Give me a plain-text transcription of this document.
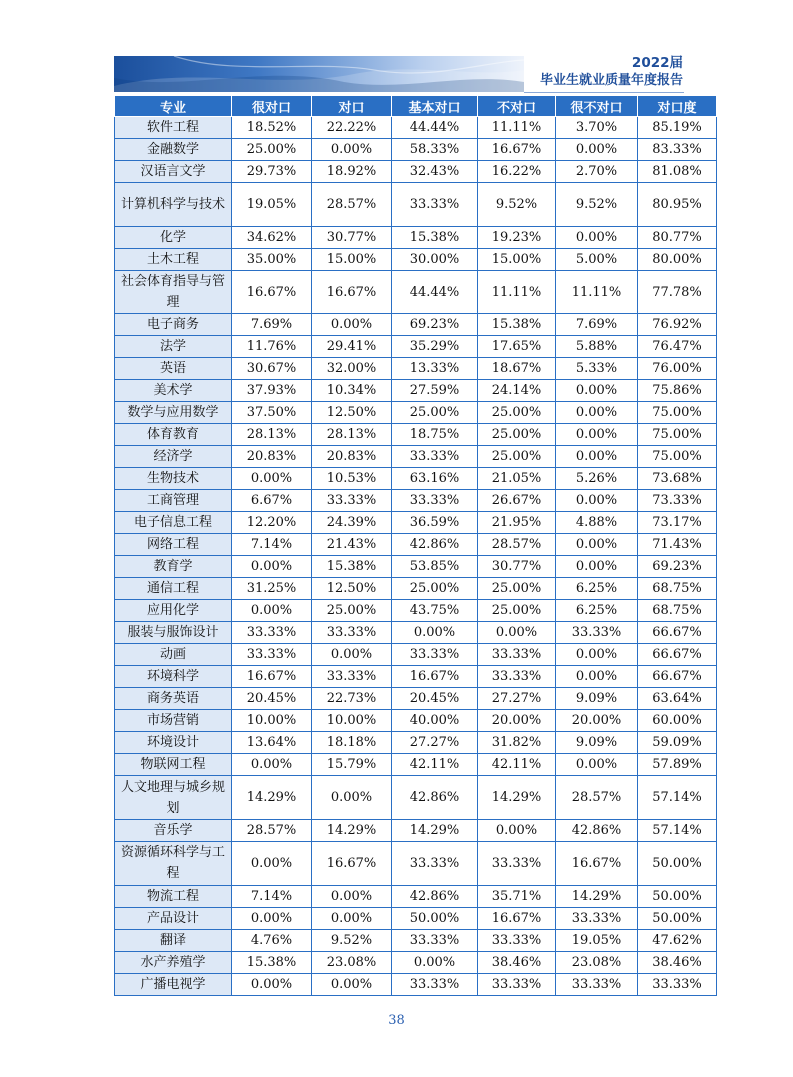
2022届
毕业生就业质量年度报告
专业	很对口	对口	基本对口	不对口	很不对口	对口度
软件工程	18.52%	22.22%	44.44%	11.11%	3.70%	85.19%
金融数学	25.00%	0.00%	58.33%	16.67%	0.00%	83.33%
汉语言文学	29.73%	18.92%	32.43%	16.22%	2.70%	81.08%
计算机科学与技术	19.05%	28.57%	33.33%	9.52%	9.52%	80.95%
化学	34.62%	30.77%	15.38%	19.23%	0.00%	80.77%
土木工程	35.00%	15.00%	30.00%	15.00%	5.00%	80.00%
社会体育指导与管理	16.67%	16.67%	44.44%	11.11%	11.11%	77.78%
电子商务	7.69%	0.00%	69.23%	15.38%	7.69%	76.92%
法学	11.76%	29.41%	35.29%	17.65%	5.88%	76.47%
英语	30.67%	32.00%	13.33%	18.67%	5.33%	76.00%
美术学	37.93%	10.34%	27.59%	24.14%	0.00%	75.86%
数学与应用数学	37.50%	12.50%	25.00%	25.00%	0.00%	75.00%
体育教育	28.13%	28.13%	18.75%	25.00%	0.00%	75.00%
经济学	20.83%	20.83%	33.33%	25.00%	0.00%	75.00%
生物技术	0.00%	10.53%	63.16%	21.05%	5.26%	73.68%
工商管理	6.67%	33.33%	33.33%	26.67%	0.00%	73.33%
电子信息工程	12.20%	24.39%	36.59%	21.95%	4.88%	73.17%
网络工程	7.14%	21.43%	42.86%	28.57%	0.00%	71.43%
教育学	0.00%	15.38%	53.85%	30.77%	0.00%	69.23%
通信工程	31.25%	12.50%	25.00%	25.00%	6.25%	68.75%
应用化学	0.00%	25.00%	43.75%	25.00%	6.25%	68.75%
服装与服饰设计	33.33%	33.33%	0.00%	0.00%	33.33%	66.67%
动画	33.33%	0.00%	33.33%	33.33%	0.00%	66.67%
环境科学	16.67%	33.33%	16.67%	33.33%	0.00%	66.67%
商务英语	20.45%	22.73%	20.45%	27.27%	9.09%	63.64%
市场营销	10.00%	10.00%	40.00%	20.00%	20.00%	60.00%
环境设计	13.64%	18.18%	27.27%	31.82%	9.09%	59.09%
物联网工程	0.00%	15.79%	42.11%	42.11%	0.00%	57.89%
人文地理与城乡规划	14.29%	0.00%	42.86%	14.29%	28.57%	57.14%
音乐学	28.57%	14.29%	14.29%	0.00%	42.86%	57.14%
资源循环科学与工程	0.00%	16.67%	33.33%	33.33%	16.67%	50.00%
物流工程	7.14%	0.00%	42.86%	35.71%	14.29%	50.00%
产品设计	0.00%	0.00%	50.00%	16.67%	33.33%	50.00%
翻译	4.76%	9.52%	33.33%	33.33%	19.05%	47.62%
水产养殖学	15.38%	23.08%	0.00%	38.46%	23.08%	38.46%
广播电视学	0.00%	0.00%	33.33%	33.33%	33.33%	33.33%
38
